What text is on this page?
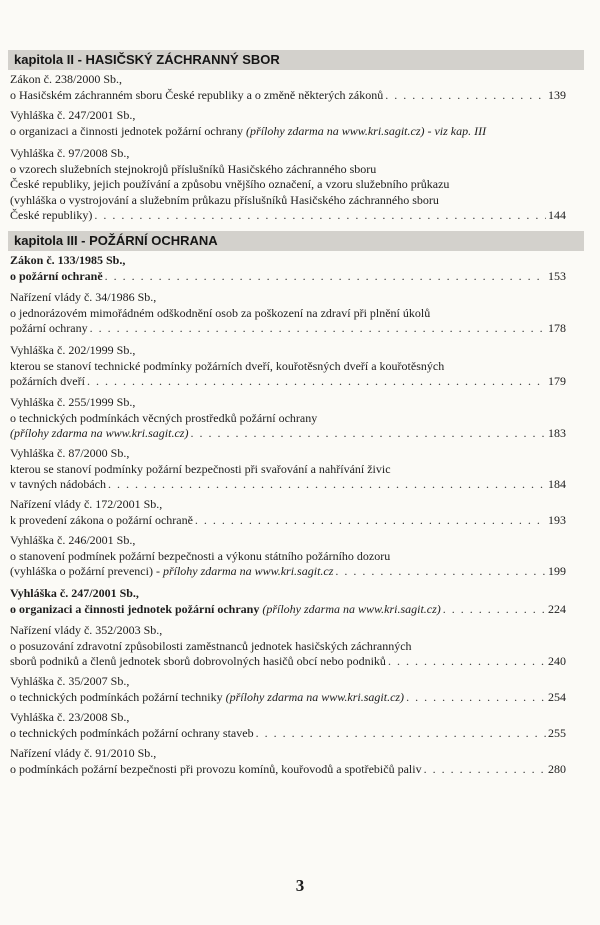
kapitola II - HASIČSKÝ ZÁCHRANNÝ SBOR
Zákon č. 238/2000 Sb.,
o Hasičském záchranném sboru České republiky a o změně některých zákonů . . .	139
Vyhláška č. 247/2001 Sb.,
o organizaci a činnosti jednotek požární ochrany (přílohy zdarma na www.kri.sagit.cz) - viz kap. III
Vyhláška č. 97/2008 Sb.,
o vzorech služebních stejnokrojů příslušníků Hasičského záchranného sboru
České republiky, jejich používání a způsobu vnějšího označení, a vzoru služebního průkazu
(vyhláška o vystrojování a služebním průkazu příslušníků Hasičského záchranného sboru
České republiky) . . .	144
kapitola III - POŽÁRNÍ OCHRANA
Zákon č. 133/1985 Sb.,
o požární ochraně . . .	153
Nařízení vlády č. 34/1986 Sb.,
o jednorázovém mimořádném odškodnění osob za poškození na zdraví při plnění úkolů
požární ochrany . . .	178
Vyhláška č. 202/1999 Sb.,
kterou se stanoví technické podmínky požárních dveří, kouřotěsných dveří a kouřotěsných
požárních dveří . . .	179
Vyhláška č. 255/1999 Sb.,
o technických podmínkách věcných prostředků požární ochrany
(přílohy zdarma na www.kri.sagit.cz) . . .	183
Vyhláška č. 87/2000 Sb.,
kterou se stanoví podmínky požární bezpečnosti při svařování a nahřívání živic
v tavných nádobách . . .	184
Nařízení vlády č. 172/2001 Sb.,
k provedení zákona o požární ochraně . . .	193
Vyhláška č. 246/2001 Sb.,
o stanovení podmínek požární bezpečnosti a výkonu státního požárního dozoru
(vyhláška o požární prevenci) - přílohy zdarma na www.kri.sagit.cz . . .	199
Vyhláška č. 247/2001 Sb.,
o organizaci a činnosti jednotek požární ochrany (přílohy zdarma na www.kri.sagit.cz) . . .	224
Nařízení vlády č. 352/2003 Sb.,
o posuzování zdravotní způsobilosti zaměstnanců jednotek hasičských záchranných
sborů podniků a členů jednotek sborů dobrovolných hasičů obcí nebo podniků . . .	240
Vyhláška č. 35/2007 Sb.,
o technických podmínkách požární techniky (přílohy zdarma na www.kri.sagit.cz) . . .	254
Vyhláška č. 23/2008 Sb.,
o technických podmínkách požární ochrany staveb . . .	255
Nařízení vlády č. 91/2010 Sb.,
o podmínkách požární bezpečnosti při provozu komínů, kouřovodů a spotřebičů paliv . . .	280
3
